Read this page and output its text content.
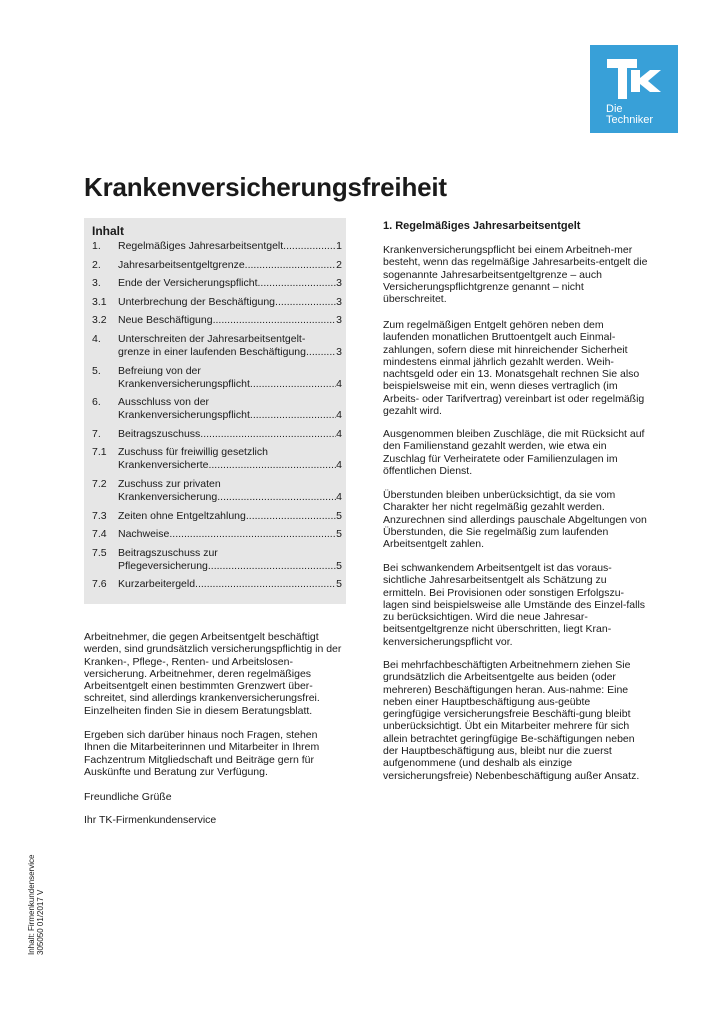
Die
Techniker
Krankenversicherungsfreiheit
Inhalt
1. Regelmäßiges Jahresarbeitsentgelt .....	1
2. Jahresarbeitsentgeltgrenze .....	2
3. Ende der Versicherungspflicht .....	3
3.1 Unterbrechung der Beschäftigung .....	3
3.2 Neue Beschäftigung .....	3
4. Unterschreiten der Jahresarbeitsentgelt-
grenze in einer laufenden Beschäftigung .....	3
5. Befreiung von der
Krankenversicherungspflicht .....	4
6. Ausschluss von der
Krankenversicherungspflicht .....	4
7. Beitragszuschuss .....	4
7.1 Zuschuss für freiwillig gesetzlich
Krankenversicherte .....	4
7.2 Zuschuss zur privaten
Krankenversicherung .....	4
7.3 Zeiten ohne Entgeltzahlung .....	5
7.4 Nachweise .....	5
7.5 Beitragszuschuss zur
Pflegeversicherung .....	5
7.6 Kurzarbeitergeld .....	5

Arbeitnehmer, die gegen Arbeitsentgelt beschäftigt werden, sind grundsätzlich versicherungspflichtig in der Kranken-, Pflege-, Renten- und Arbeitslosen-versicherung. Arbeitnehmer, deren regelmäßiges Arbeitsentgelt einen bestimmten Grenzwert über-schreitet, sind allerdings krankenversicherungsfrei. Einzelheiten finden Sie in diesem Beratungsblatt.

Ergeben sich darüber hinaus noch Fragen, stehen Ihnen die Mitarbeiterinnen und Mitarbeiter in Ihrem Fachzentrum Mitgliedschaft und Beiträge gern für Auskünfte und Beratung zur Verfügung.

Freundliche Grüße

Ihr TK-Firmenkundenservice

1. Regelmäßiges Jahresarbeitsentgelt

Krankenversicherungspflicht bei einem Arbeitneh-mer besteht, wenn das regelmäßige Jahresarbeits-entgelt die sogenannte Jahresarbeitsentgeltgrenze – auch Versicherungspflichtgrenze genannt – nicht überschreitet.

Zum regelmäßigen Entgelt gehören neben dem laufenden monatlichen Bruttoentgelt auch Einmal-zahlungen, sofern diese mit hinreichender Sicherheit mindestens einmal jährlich gezahlt werden. Weih-nachtsgeld oder ein 13. Monatsgehalt rechnen Sie also beispielsweise mit ein, wenn dieses vertraglich (im Arbeits- oder Tarifvertrag) vereinbart ist oder regelmäßig gezahlt wird.

Ausgenommen bleiben Zuschläge, die mit Rücksicht auf den Familienstand gezahlt werden, wie etwa ein Zuschlag für Verheiratete oder Familienzulagen im öffentlichen Dienst.

Überstunden bleiben unberücksichtigt, da sie vom Charakter her nicht regelmäßig gezahlt werden. Anzurechnen sind allerdings pauschale Abgeltungen von Überstunden, die Sie regelmäßig zum laufenden Arbeitsentgelt zahlen.

Bei schwankendem Arbeitsentgelt ist das voraus-sichtliche Jahresarbeitsentgelt als Schätzung zu ermitteln. Bei Provisionen oder sonstigen Erfolgszu-lagen sind beispielsweise alle Umstände des Einzel-falls zu berücksichtigen. Wird die neue Jahresar-beitsentgeltgrenze nicht überschritten, liegt Kran-kenversicherungspflicht vor.

Bei mehrfachbeschäftigten Arbeitnehmern ziehen Sie grundsätzlich die Arbeitsentgelte aus beiden (oder mehreren) Beschäftigungen heran. Aus-nahme: Eine neben einer Hauptbeschäftigung aus-geübte geringfügige versicherungsfreie Beschäfti-gung bleibt unberücksichtigt. Übt ein Mitarbeiter mehrere für sich allein betrachtet geringfügige Be-schäftigungen neben der Hauptbeschäftigung aus, bleibt nur die zuerst aufgenommene (und deshalb als einzige versicherungsfreie) Nebenbeschäftigung außer Ansatz.

Inhalt: Firmenkundenservice 305050 01/2017 V
